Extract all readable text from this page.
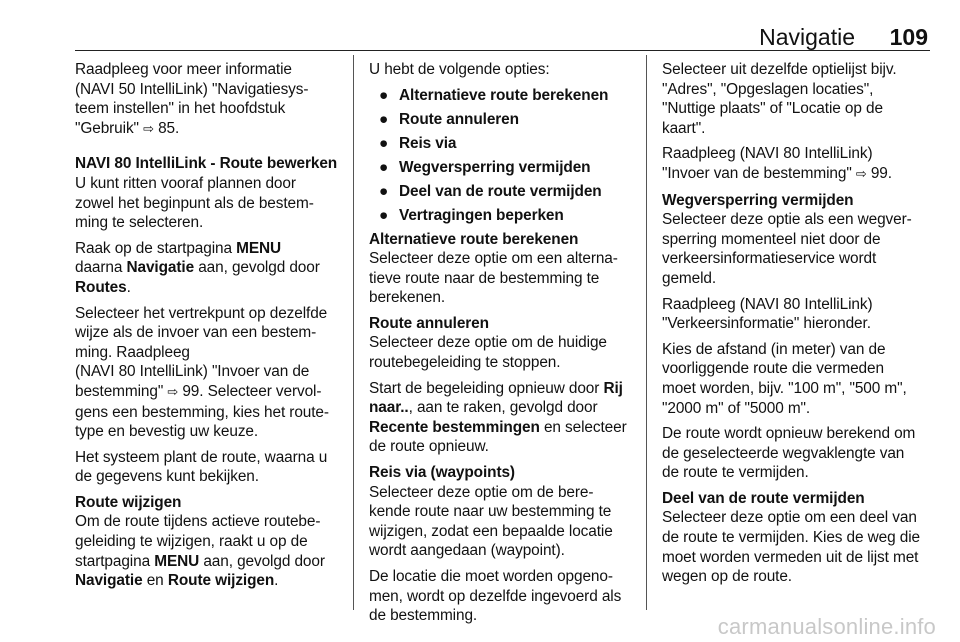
Navigatie 109

Raadpleeg voor meer informatie
(NAVI 50 IntelliLink) "Navigatiesys-
teem instellen" in het hoofdstuk
"Gebruik" ⇨ 85.

NAVI 80 IntelliLink - Route bewerken

U kunt ritten vooraf plannen door
zowel het beginpunt als de bestem-
ming te selecteren.

Raak op de startpagina MENU
daarna Navigatie aan, gevolgd door
Routes.

Selecteer het vertrekpunt op dezelfde
wijze als de invoer van een bestem-
ming. Raadpleeg
(NAVI 80 IntelliLink) "Invoer van de
bestemming" ⇨ 99. Selecteer vervol-
gens een bestemming, kies het route-
type en bevestig uw keuze.

Het systeem plant de route, waarna u
de gegevens kunt bekijken.

Route wijzigen

Om de route tijdens actieve routebe-
geleiding te wijzigen, raakt u op de
startpagina MENU aan, gevolgd door
Navigatie en Route wijzigen.

U hebt de volgende opties:

● Alternatieve route berekenen
● Route annuleren
● Reis via
● Wegversperring vermijden
● Deel van de route vermijden
● Vertragingen beperken
Alternatieve route berekenen

Selecteer deze optie om een alterna-
tieve route naar de bestemming te
berekenen.

Route annuleren

Selecteer deze optie om de huidige
routebegeleiding te stoppen.

Start de begeleiding opnieuw door Rij
naar.., aan te raken, gevolgd door
Recente bestemmingen en selecteer
de route opnieuw.

Reis via (waypoints)

Selecteer deze optie om de bere-
kende route naar uw bestemming te
wijzigen, zodat een bepaalde locatie
wordt aangedaan (waypoint).

De locatie die moet worden opgeno-
men, wordt op dezelfde ingevoerd als
de bestemming.

Selecteer uit dezelfde optielijst bijv.
"Adres", "Opgeslagen locaties",
"Nuttige plaats" of "Locatie op de
kaart".

Raadpleeg (NAVI 80 IntelliLink)
"Invoer van de bestemming" ⇨ 99.

Wegversperring vermijden

Selecteer deze optie als een wegver-
sperring momenteel niet door de
verkeersinformatieservice wordt
gemeld.

Raadpleeg (NAVI 80 IntelliLink)
"Verkeersinformatie" hieronder.

Kies de afstand (in meter) van de
voorliggende route die vermeden
moet worden, bijv. "100 m", "500 m",
"2000 m" of "5000 m".

De route wordt opnieuw berekend om
de geselecteerde wegvaklengte van
de route te vermijden.

Deel van de route vermijden

Selecteer deze optie om een deel van
de route te vermijden. Kies de weg die
moet worden vermeden uit de lijst met
wegen op de route.

carmanualsonline.info
